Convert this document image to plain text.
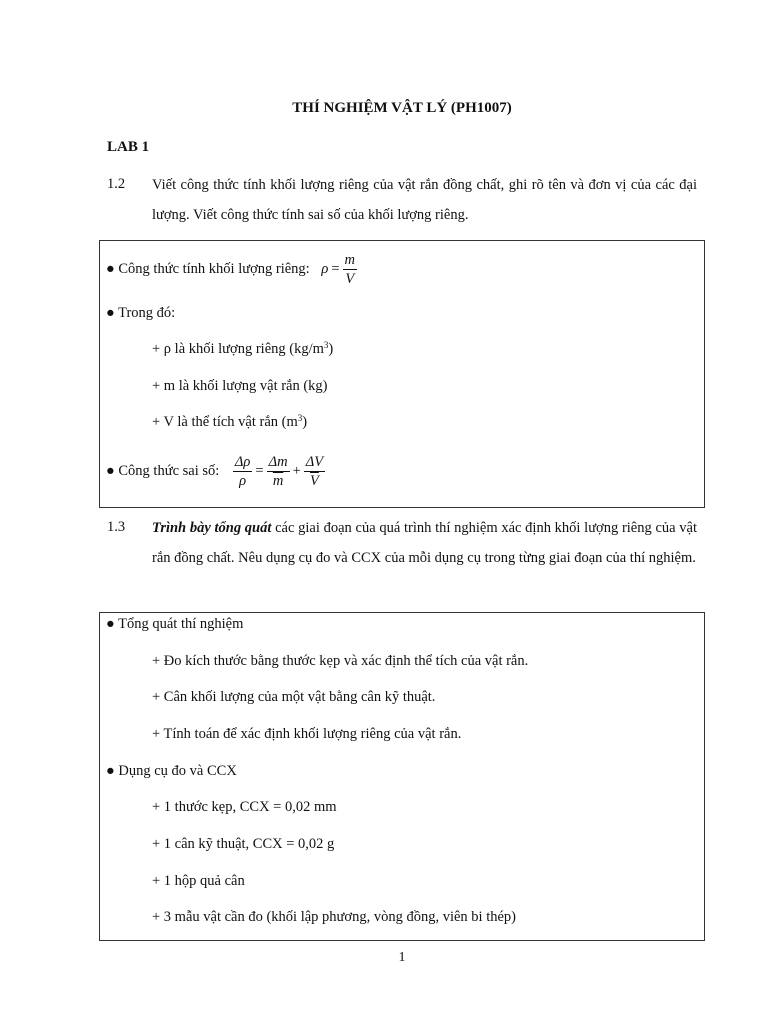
THÍ NGHIỆM VẬT LÝ (PH1007)
LAB 1
1.2 Viết công thức tính khối lượng riêng của vật rắn đồng chất, ghi rõ tên và đơn vị của các đại lượng. Viết công thức tính sai số của khối lượng riêng.
● Công thức tính khối lượng riêng: $\rho = \frac{m}{V}$
● Trong đó:
+ ρ là khối lượng riêng $(kg/m^3)$
+ m là khối lượng vật rắn (kg)
+ V là thể tích vật rắn $(m^3)$
● Công thức sai số: $\frac{\Delta\rho}{\rho} = \frac{\Delta m}{m} + \frac{\Delta V}{V}$
1.3 Trình bày tổng quát các giai đoạn của quá trình thí nghiệm xác định khối lượng riêng của vật rắn đồng chất. Nêu dụng cụ đo và CCX của mỗi dụng cụ trong từng giai đoạn của thí nghiệm.
● Tổng quát thí nghiệm
+ Đo kích thước bằng thước kẹp và xác định thể tích của vật rắn.
+ Cân khối lượng của một vật bằng cân kỹ thuật.
+ Tính toán để xác định khối lượng riêng của vật rắn.
● Dụng cụ đo và CCX
+ 1 thước kẹp, CCX = 0,02 mm
+ 1 cân kỹ thuật, CCX = 0,02 g
+ 1 hộp quả cân
+ 3 mẫu vật cần đo (khối lập phương, vòng đồng, viên bi thép)
1
